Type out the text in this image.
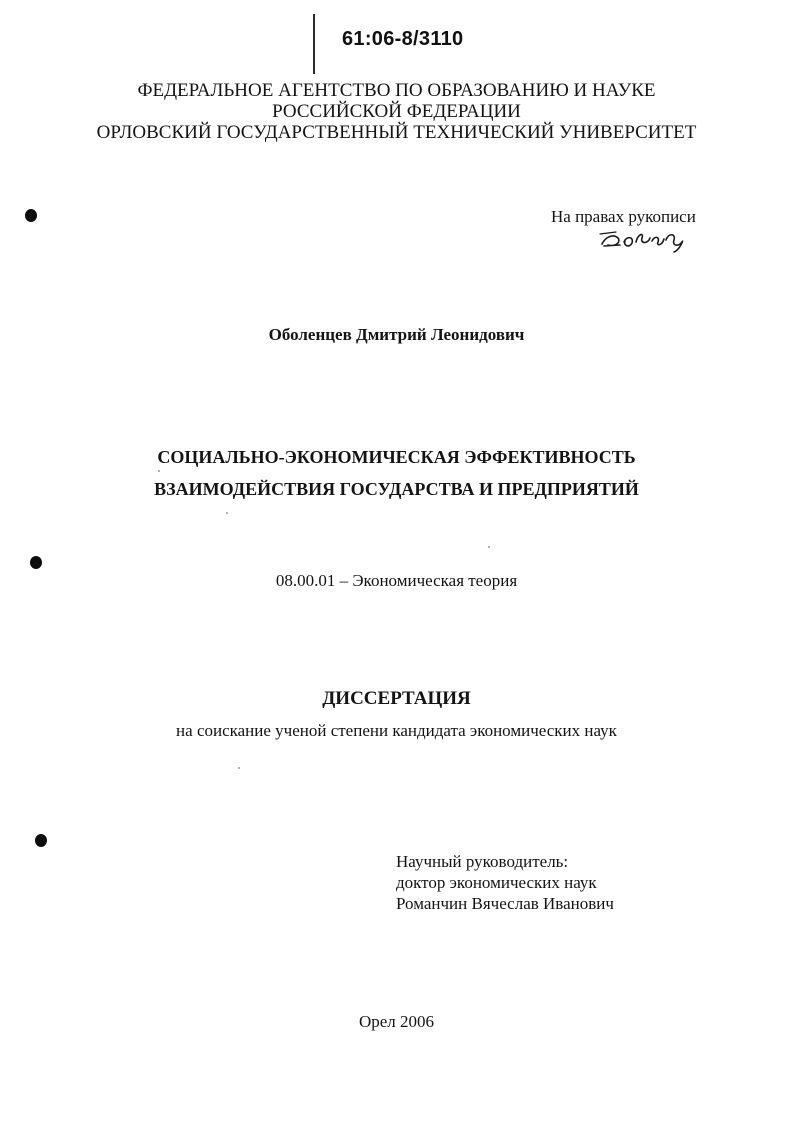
61:06-8/3110
ФЕДЕРАЛЬНОЕ АГЕНТСТВО ПО ОБРАЗОВАНИЮ И НАУКЕ
РОССИЙСКОЙ ФЕДЕРАЦИИ
ОРЛОВСКИЙ ГОСУДАРСТВЕННЫЙ ТЕХНИЧЕСКИЙ УНИВЕРСИТЕТ
На правах рукописи
Оболенцев Дмитрий Леонидович
СОЦИАЛЬНО-ЭКОНОМИЧЕСКАЯ ЭФФЕКТИВНОСТЬ
ВЗАИМОДЕЙСТВИЯ ГОСУДАРСТВА И ПРЕДПРИЯТИЙ
08.00.01 – Экономическая теория
ДИССЕРТАЦИЯ
на соискание ученой степени кандидата экономических наук
Научный руководитель:
доктор экономических наук
Романчин Вячеслав Иванович
Орел 2006
